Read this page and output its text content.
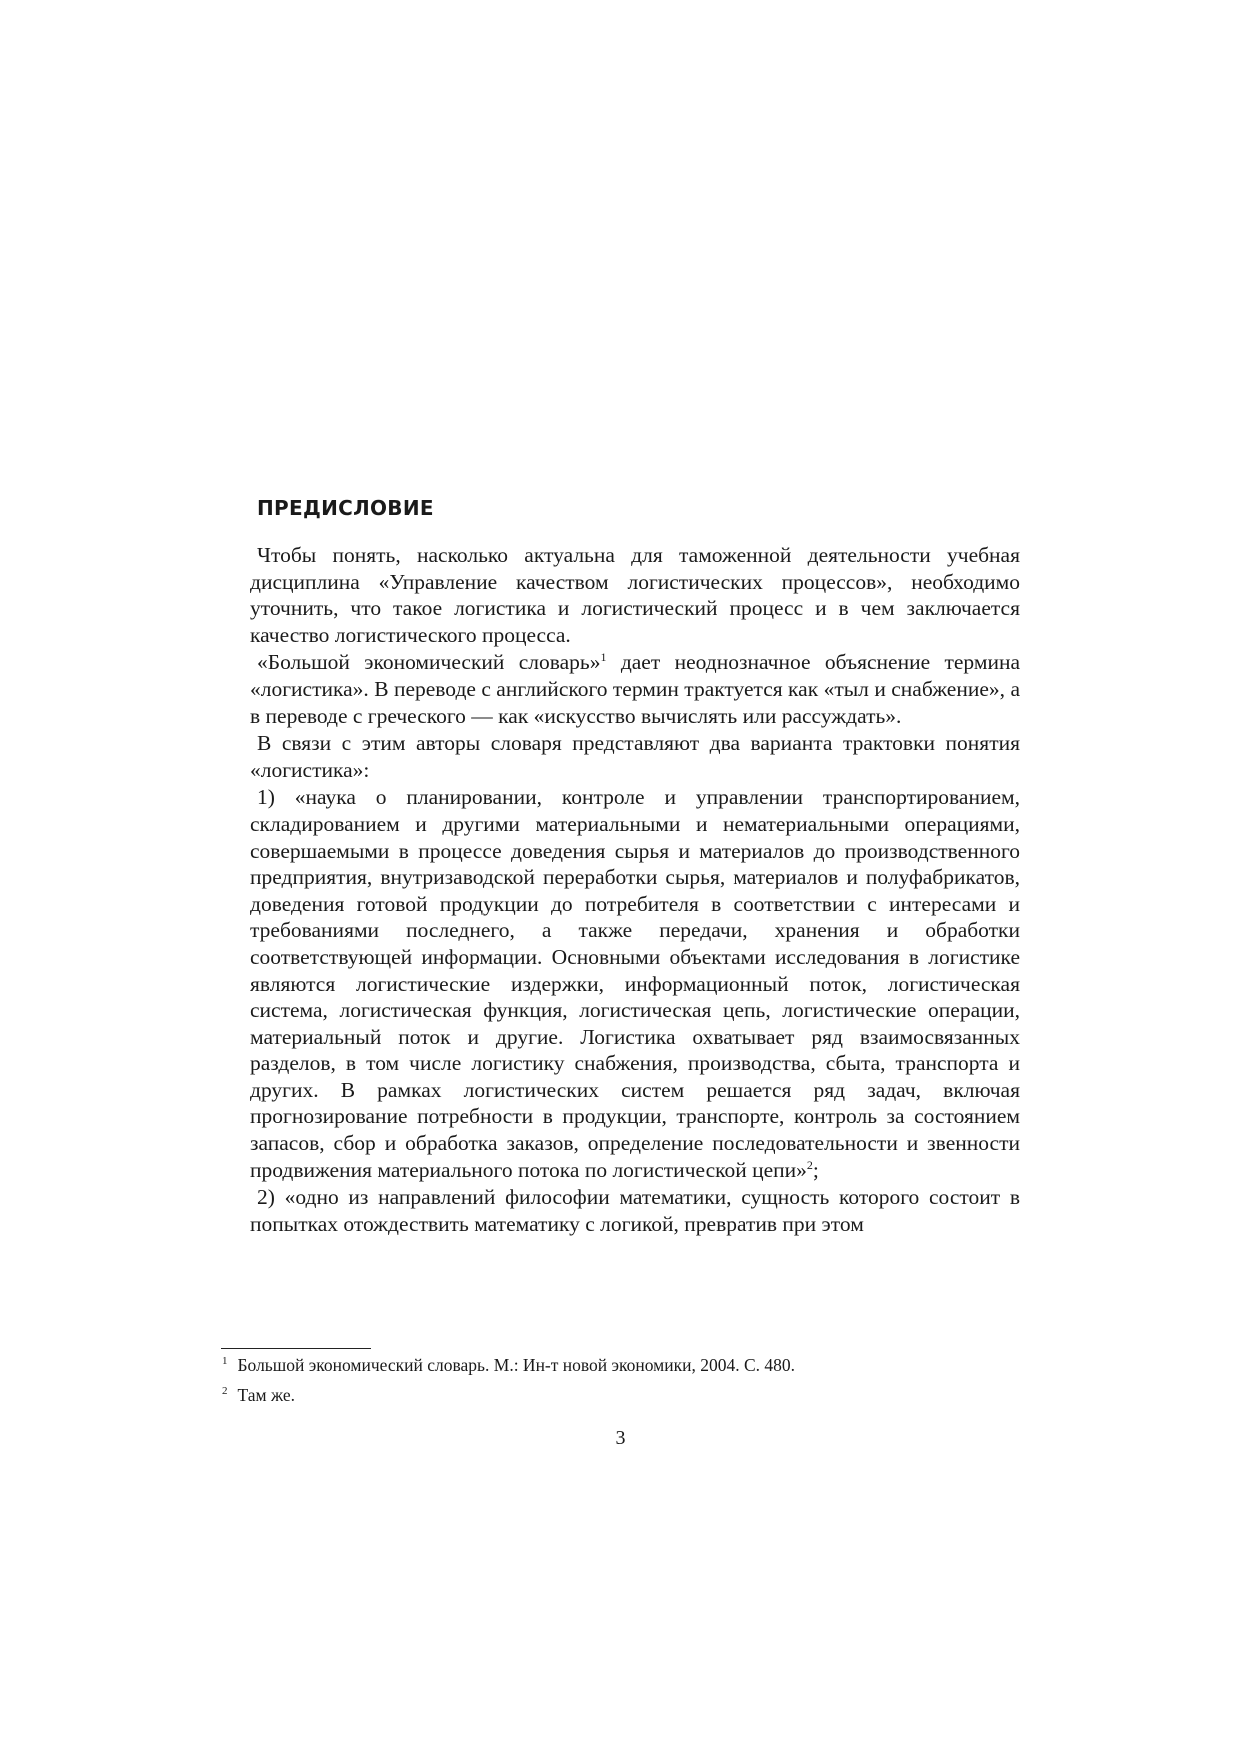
ПРЕДИСЛОВИЕ

Чтобы понять, насколько актуальна для таможенной деятельности учебная дисциплина «Управление качеством логистических процессов», необходимо уточнить, что такое логистика и логистический процесс и в чем заключается качество логистического процесса.

«Большой экономический словарь»$^1$ дает неоднозначное объяснение термина «логистика». В переводе с английского термин трактуется как «тыл и снабжение», а в переводе с греческого — как «искусство вычислять или рассуждать».

В связи с этим авторы словаря представляют два варианта трактовки понятия «логистика»:

1) «наука о планировании, контроле и управлении транспортированием, складированием и другими материальными и нематериальными операциями, совершаемыми в процессе доведения сырья и материалов до производственного предприятия, внутризаводской переработки сырья, материалов и полуфабрикатов, доведения готовой продукции до потребителя в соответствии с интересами и требованиями последнего, а также передачи, хранения и обработки соответствующей информации. Основными объектами исследования в логистике являются логистические издержки, информационный поток, логистическая система, логистическая функция, логистическая цепь, логистические операции, материальный поток и другие. Логистика охватывает ряд взаимосвязанных разделов, в том числе логистику снабжения, производства, сбыта, транспорта и других. В рамках логистических систем решается ряд задач, включая прогнозирование потребности в продукции, транспорте, контроль за состоянием запасов, сбор и обработка заказов, определение последовательности и звенности продвижения материального потока по логистической цепи»$^2$;

2) «одно из направлений философии математики, сущность которого состоит в попытках отождествить математику с логикой, превратив при этом

$^1$ Большой экономический словарь. М.: Ин-т новой экономики, 2004. С. 480.
$^2$ Там же.
3
